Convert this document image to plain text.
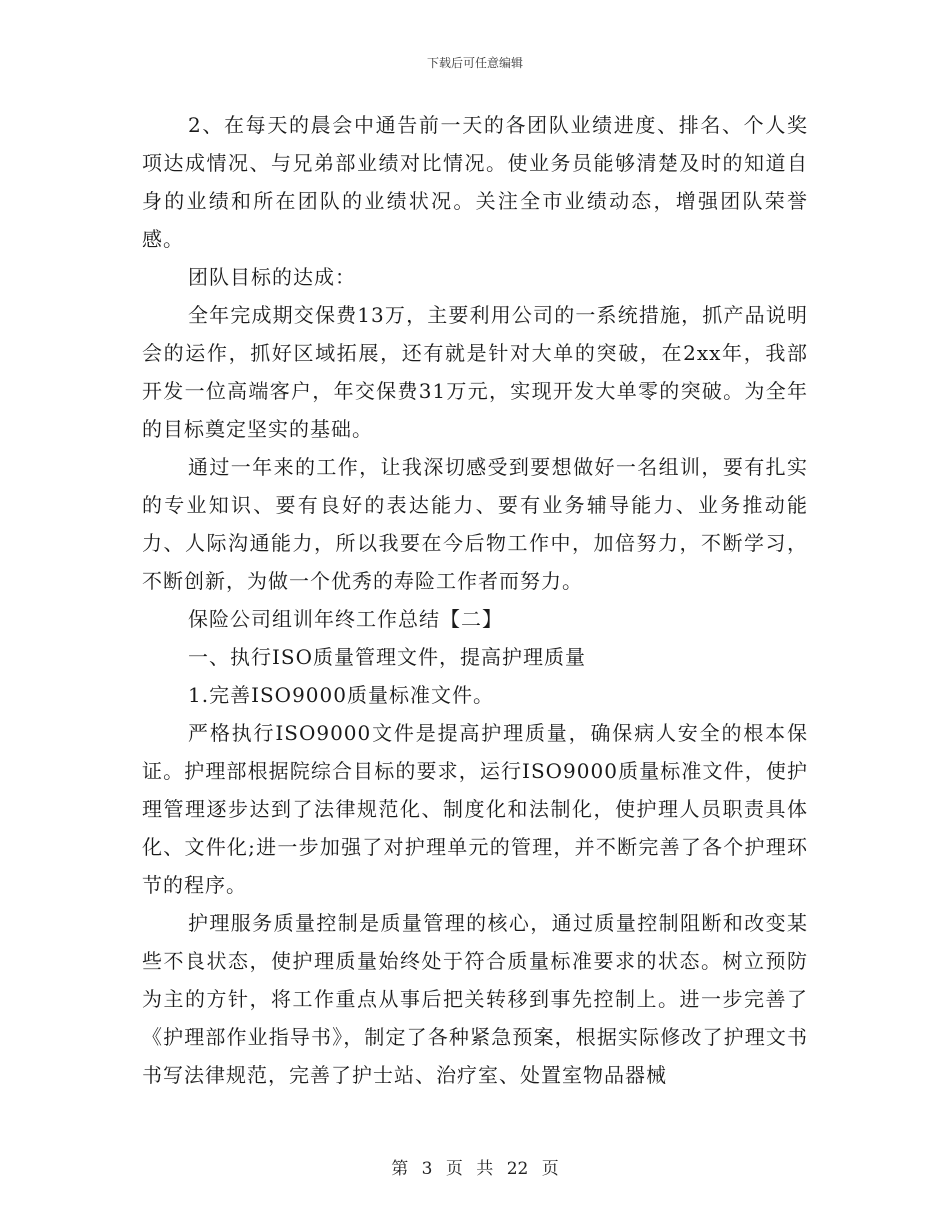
下载后可任意编辑

2、在每天的晨会中通告前一天的各团队业绩进度、排名、个人奖项达成情况、与兄弟部业绩对比情况。使业务员能够清楚及时的知道自身的业绩和所在团队的业绩状况。关注全市业绩动态，增强团队荣誉感。

团队目标的达成：

全年完成期交保费13万，主要利用公司的一系统措施，抓产品说明会的运作，抓好区域拓展，还有就是针对大单的突破，在2xx年，我部开发一位高端客户，年交保费31万元，实现开发大单零的突破。为全年的目标奠定坚实的基础。

通过一年来的工作，让我深切感受到要想做好一名组训，要有扎实的专业知识、要有良好的表达能力、要有业务辅导能力、业务推动能力、人际沟通能力，所以我要在今后物工作中，加倍努力，不断学习，不断创新，为做一个优秀的寿险工作者而努力。

保险公司组训年终工作总结【二】

一、执行ISO质量管理文件，提高护理质量

1.完善ISO9000质量标准文件。

严格执行ISO9000文件是提高护理质量，确保病人安全的根本保证。护理部根据院综合目标的要求，运行ISO9000质量标准文件，使护理管理逐步达到了法律规范化、制度化和法制化，使护理人员职责具体化、文件化;进一步加强了对护理单元的管理，并不断完善了各个护理环节的程序。

护理服务质量控制是质量管理的核心，通过质量控制阻断和改变某些不良状态，使护理质量始终处于符合质量标准要求的状态。树立预防为主的方针，将工作重点从事后把关转移到事先控制上。进一步完善了《护理部作业指导书》，制定了各种紧急预案，根据实际修改了护理文书书写法律规范，完善了护士站、治疗室、处置室物品器械

第 3 页 共 22 页
